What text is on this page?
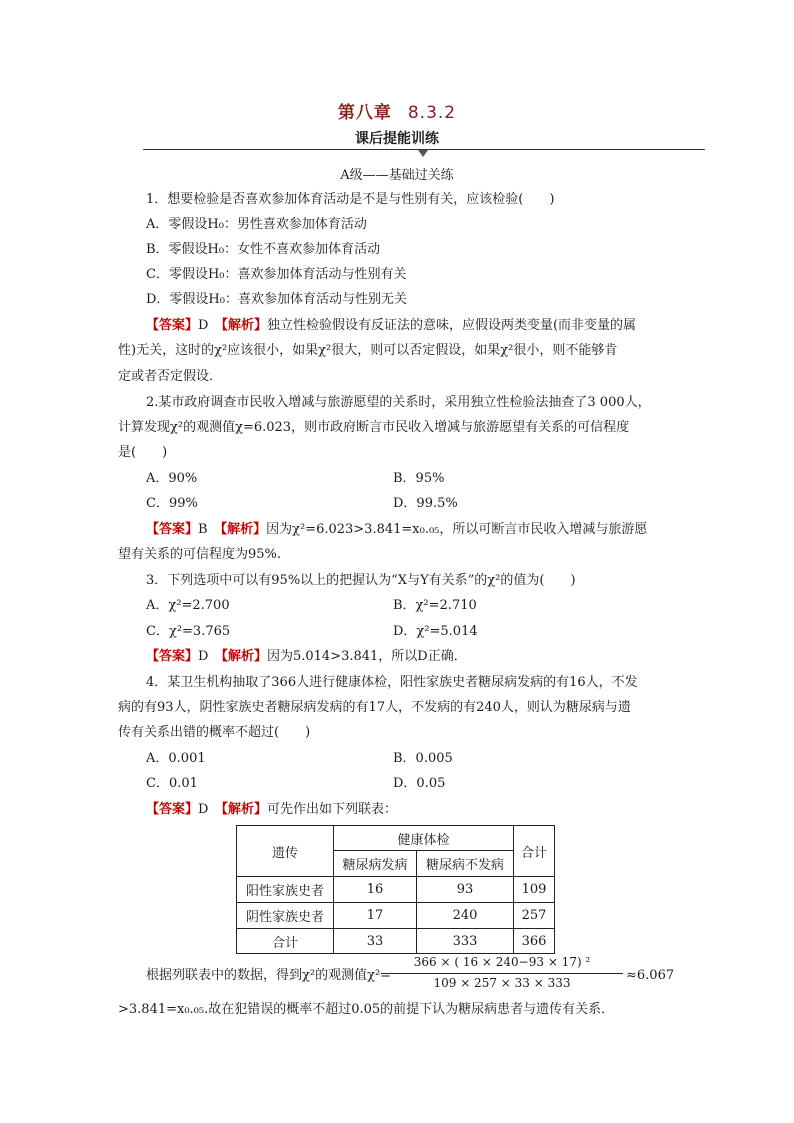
第八章 8.3.2
课后提能训练
A级——基础过关练
1．想要检验是否喜欢参加体育活动是不是与性别有关，应该检验(　　)
A．零假设H₀：男性喜欢参加体育活动
B．零假设H₀：女性不喜欢参加体育活动
C．零假设H₀：喜欢参加体育活动与性别有关
D．零假设H₀：喜欢参加体育活动与性别无关
【答案】D　【解析】独立性检验假设有反证法的意味，应假设两类变量(而非变量的属
性)无关，这时的χ²应该很小，如果χ²很大，则可以否定假设，如果χ²很小，则不能够肯
定或者否定假设．
2.某市政府调查市民收入增减与旅游愿望的关系时，采用独立性检验法抽查了3 000人，
计算发现χ²的观测值χ=6.023，则市政府断言市民收入增减与旅游愿望有关系的可信程度
是(　　)
A．90%	B．95%
C．99%	D．99.5%
【答案】B　【解析】因为χ²=6.023>3.841=x₀.₀₅，所以可断言市民收入增减与旅游愿
望有关系的可信程度为95%.
3．下列选项中可以有95%以上的把握认为“X与Y有关系”的χ²的值为(　　)
A．χ²=2.700	B．χ²=2.710
C．χ²=3.765	D．χ²=5.014
【答案】D　【解析】因为5.014>3.841，所以D正确．
4．某卫生机构抽取了366人进行健康体检，阳性家族史者糖尿病发病的有16人，不发
病的有93人，阴性家族史者糖尿病发病的有17人，不发病的有240人，则认为糖尿病与遗
传有关系出错的概率不超过(　　)
A．0.001	B．0.005
C．0.01	D．0.05
【答案】D　【解析】可先作出如下列联表：
遗传	健康体检		合计
	糖尿病发病	糖尿病不发病	
阳性家族史者	16	93	109
阴性家族史者	17	240	257
合计	33	333	366
根据列联表中的数据，得到χ²的观测值χ²=
366 × ( 16 × 240−93 × 17) ²
109 × 257 × 33 × 333	≈6.067
>3.841=x₀.₀₅.故在犯错误的概率不超过0.05的前提下认为糖尿病患者与遗传有关系．
